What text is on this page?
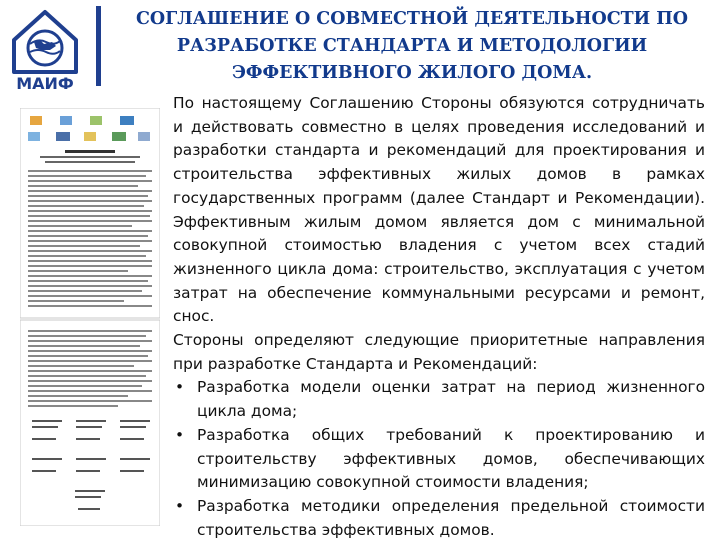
МАИФ
СОГЛАШЕНИЕ О СОВМЕСТНОЙ ДЕЯТЕЛЬНОСТИ ПО
РАЗРАБОТКЕ СТАНДАРТА И МЕТОДОЛОГИИ
ЭФФЕКТИВНОГО ЖИЛОГО ДОМА.

По настоящему Соглашению Стороны обязуются сотрудничать и действовать совместно в целях проведения исследований и разработки стандарта и рекомендаций для проектирования и строительства эффективных жилых домов в рамках государственных программ (далее Стандарт и Рекомендации). Эффективным жилым домом является дом с минимальной совокупной стоимостью владения с учетом всех стадий жизненного цикла дома: строительство, эксплуатация с учетом затрат на обеспечение коммунальными ресурсами и ремонт, снос.

Стороны определяют следующие приоритетные направления при разработке Стандарта и Рекомендаций:

• Разработка модели оценки затрат на период жизненного цикла дома;
• Разработка общих требований к проектированию и строительству эффективных домов, обеспечивающих минимизацию совокупной стоимости владения;
• Разработка методики определения предельной стоимости строительства эффективных домов.
